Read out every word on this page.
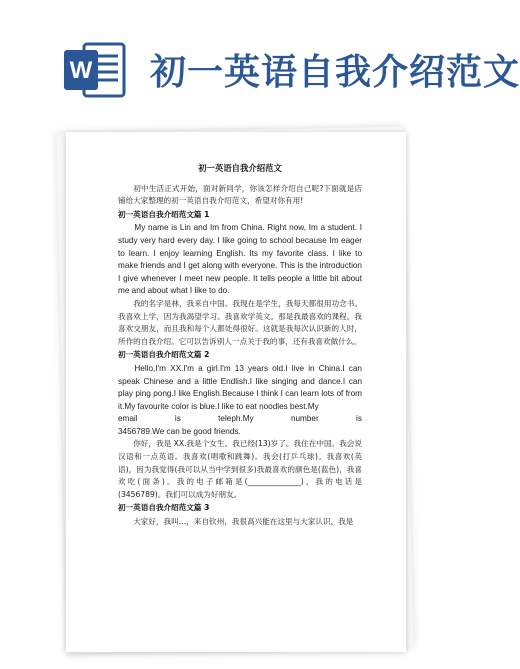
W 初一英语自我介绍范文
初一英语自我介绍范文

初中生活正式开始，面对新同学，你该怎样介绍自己呢?下面就是店铺给大家整理的初一英语自我介绍范文，希望对你有用!

初一英语自我介绍范文篇 1

My name is Lin and Im from China. Right now, Im a student. I study very hard every day. I like going to school because Im eager to learn. I enjoy learning English. Its my favorite class. I like to make friends and I get along with everyone. This is the introduction I give whenever I meet new people. It tells people a little bit about me and about what I like to do.

我的名字是林，我来自中国。我现在是学生，我每天都很用功念书。我喜欢上学，因为我渴望学习。我喜欢学英文。那是我最喜欢的课程。我喜欢交朋友，而且我和每个人都处得很好。这就是我每次认识新的人时，所作的自我介绍。它可以告诉别人一点关于我的事，还有我喜欢做什么。

初一英语自我介绍范文篇 2

Hello,I'm XX.I'm a girl.I'm 13 years old.I live in China.I can speak Chinese and a little Endlish.I like singing and dance.I can play ping pong.I like English.Because I think I can learn lots of from it.My favourite color is blue.I like to eat noodles best.My

email	is	teleph.My	number	is

3456789.We can be good friends.

你好，我是 XX.我是个女生。我已经(13)岁了。我住在中国。我会说汉语和一点英语。我喜欢(唱歌和跳舞)。我会(打乒乓球)。我喜欢(英语)，因为我觉得(我可以从当中学到很多)我最喜欢的颜色是(蓝色)，我喜欢吃(面条)。我的电子邮箱是(______________)，我的电话是(3456789)。我们可以成为好朋友。

初一英语自我介绍范文篇 3

大家好，我叫…，来自钦州，我很高兴能在这里与大家认识，我是
